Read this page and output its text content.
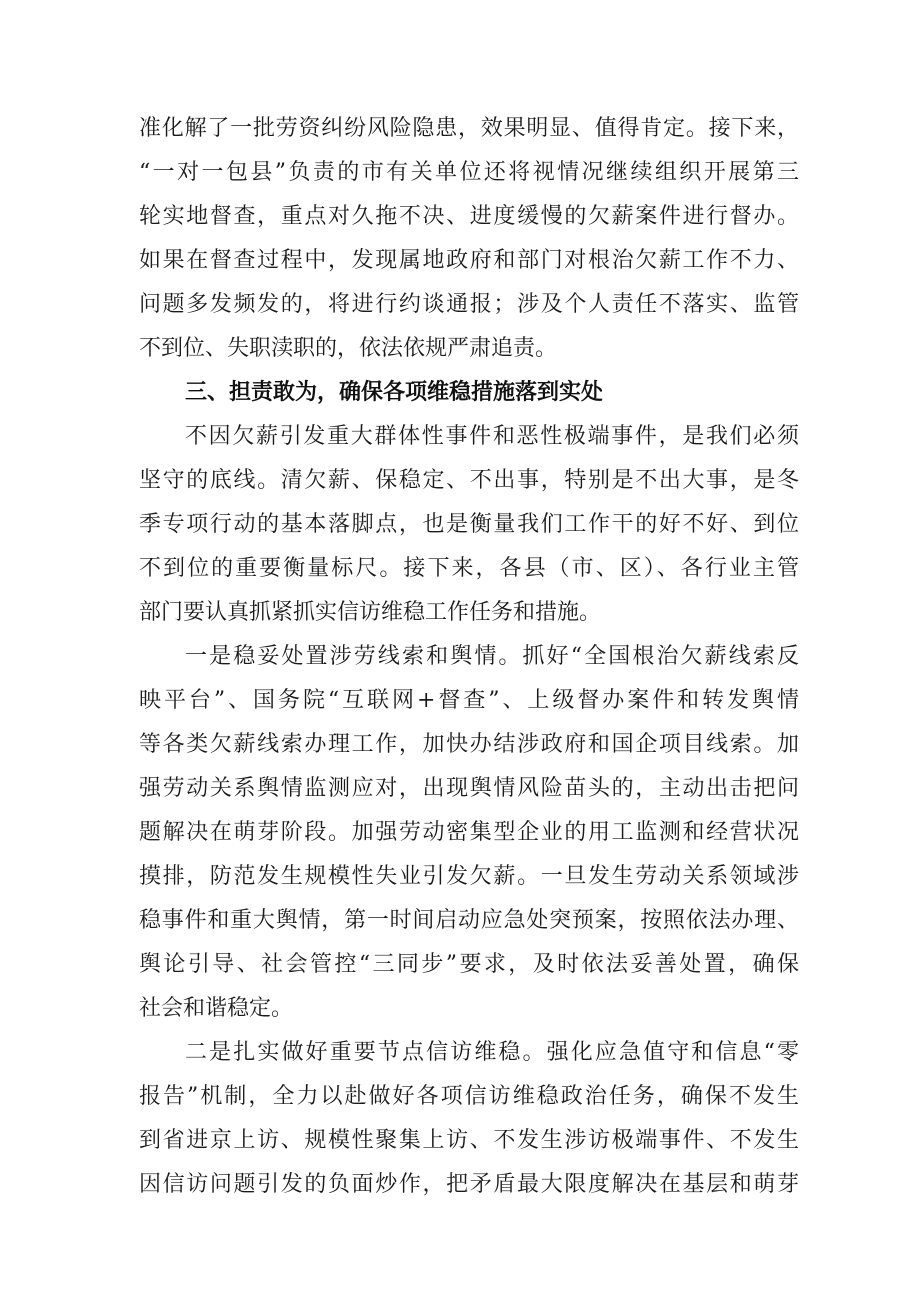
准化解了一批劳资纠纷风险隐患，效果明显、值得肯定。接下来，
“一对一包县”负责的市有关单位还将视情况继续组织开展第三
轮实地督查，重点对久拖不决、进度缓慢的欠薪案件进行督办。
如果在督查过程中，发现属地政府和部门对根治欠薪工作不力、
问题多发频发的，将进行约谈通报；涉及个人责任不落实、监管
不到位、失职渎职的，依法依规严肃追责。
三、担责敢为，确保各项维稳措施落到实处
不因欠薪引发重大群体性事件和恶性极端事件，是我们必须
坚守的底线。清欠薪、保稳定、不出事，特别是不出大事，是冬
季专项行动的基本落脚点，也是衡量我们工作干的好不好、到位
不到位的重要衡量标尺。接下来，各县（市、区）、各行业主管
部门要认真抓紧抓实信访维稳工作任务和措施。
一是稳妥处置涉劳线索和舆情。抓好“全国根治欠薪线索反
映平台”、国务院“互联网+督查”、上级督办案件和转发舆情
等各类欠薪线索办理工作，加快办结涉政府和国企项目线索。加
强劳动关系舆情监测应对，出现舆情风险苗头的，主动出击把问
题解决在萌芽阶段。加强劳动密集型企业的用工监测和经营状况
摸排，防范发生规模性失业引发欠薪。一旦发生劳动关系领域涉
稳事件和重大舆情，第一时间启动应急处突预案，按照依法办理、
舆论引导、社会管控“三同步”要求，及时依法妥善处置，确保
社会和谐稳定。
二是扎实做好重要节点信访维稳。强化应急值守和信息“零
报告”机制，全力以赴做好各项信访维稳政治任务，确保不发生
到省进京上访、规模性聚集上访、不发生涉访极端事件、不发生
因信访问题引发的负面炒作，把矛盾最大限度解决在基层和萌芽
